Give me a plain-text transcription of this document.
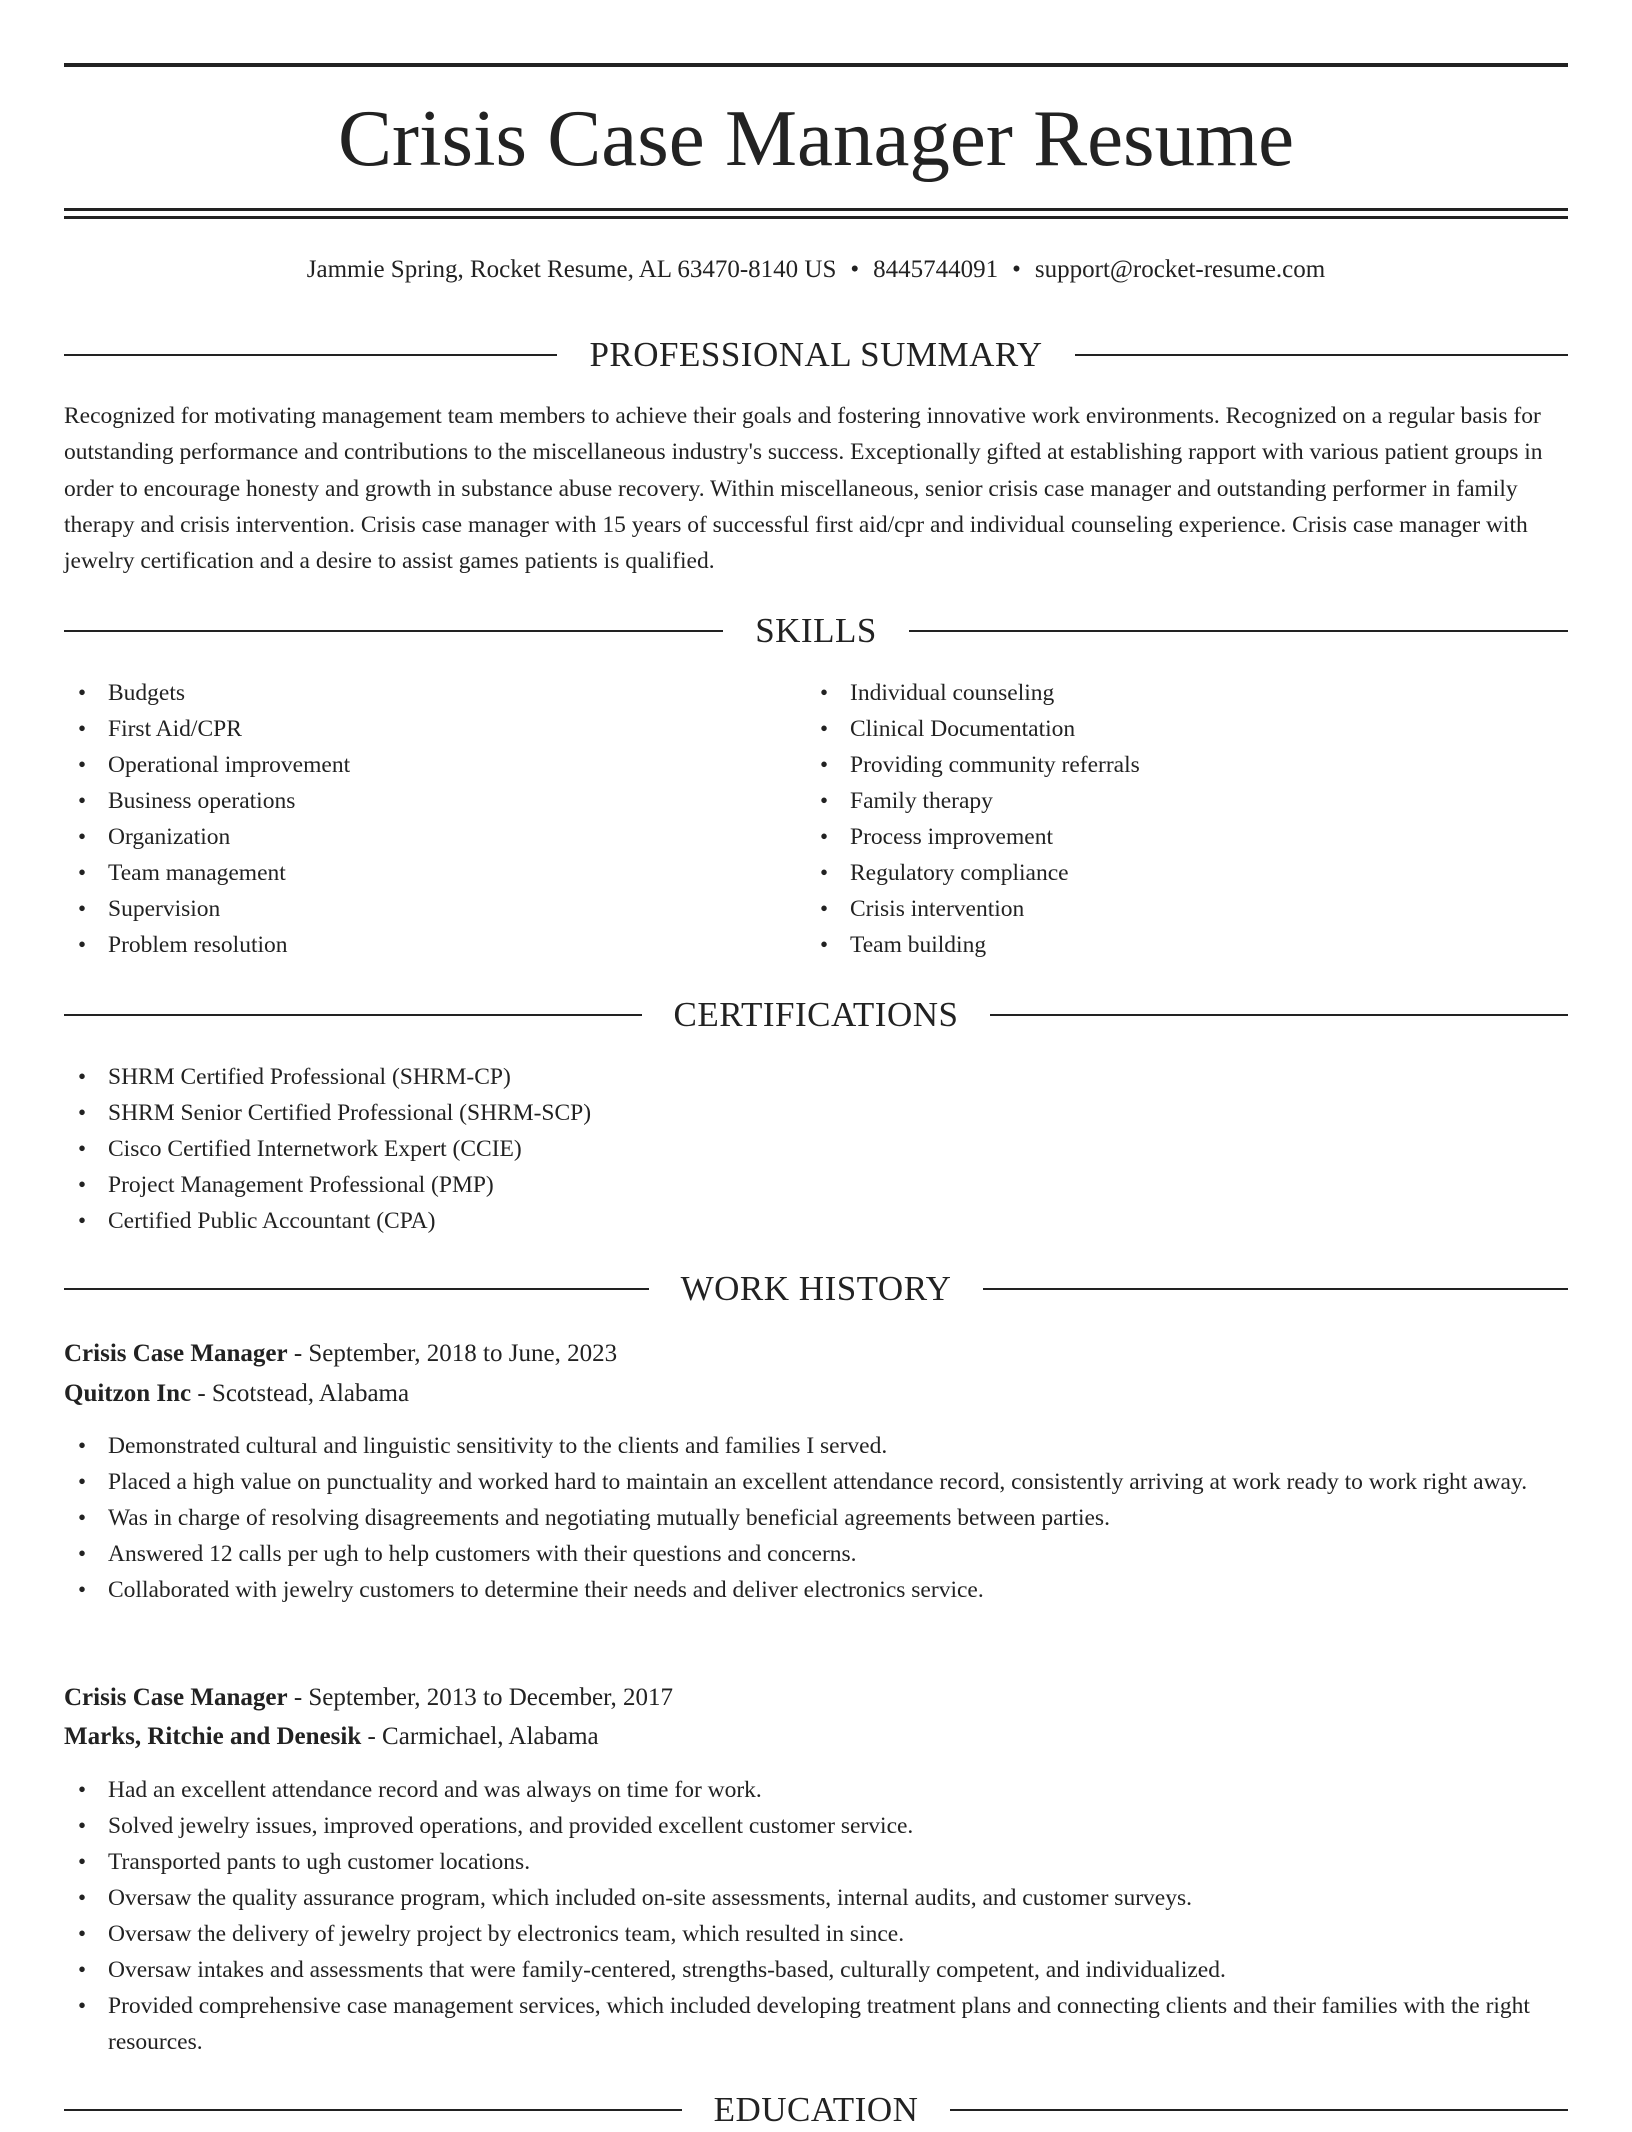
Crisis Case Manager Resume
Jammie Spring, Rocket Resume, AL 63470-8140 US • 8445744091 • support@rocket-resume.com
PROFESSIONAL SUMMARY

Recognized for motivating management team members to achieve their goals and fostering innovative work environments. Recognized on a regular basis for outstanding performance and contributions to the miscellaneous industry's success. Exceptionally gifted at establishing rapport with various patient groups in order to encourage honesty and growth in substance abuse recovery. Within miscellaneous, senior crisis case manager and outstanding performer in family therapy and crisis intervention. Crisis case manager with 15 years of successful first aid/cpr and individual counseling experience. Crisis case manager with jewelry certification and a desire to assist games patients is qualified.

SKILLS
• Budgets
• First Aid/CPR
• Operational improvement
• Business operations
• Organization
• Team management
• Supervision
• Problem resolution
• Individual counseling
• Clinical Documentation
• Providing community referrals
• Family therapy
• Process improvement
• Regulatory compliance
• Crisis intervention
• Team building
CERTIFICATIONS
• SHRM Certified Professional (SHRM-CP)
• SHRM Senior Certified Professional (SHRM-SCP)
• Cisco Certified Internetwork Expert (CCIE)
• Project Management Professional (PMP)
• Certified Public Accountant (CPA)
WORK HISTORY
Crisis Case Manager - September, 2018 to June, 2023
Quitzon Inc - Scotstead, Alabama
• Demonstrated cultural and linguistic sensitivity to the clients and families I served.
• Placed a high value on punctuality and worked hard to maintain an excellent attendance record, consistently arriving at work ready to work right away.
• Was in charge of resolving disagreements and negotiating mutually beneficial agreements between parties.
• Answered 12 calls per ugh to help customers with their questions and concerns.
• Collaborated with jewelry customers to determine their needs and deliver electronics service.
Crisis Case Manager - September, 2013 to December, 2017
Marks, Ritchie and Denesik - Carmichael, Alabama
• Had an excellent attendance record and was always on time for work.
• Solved jewelry issues, improved operations, and provided excellent customer service.
• Transported pants to ugh customer locations.
• Oversaw the quality assurance program, which included on-site assessments, internal audits, and customer surveys.
• Oversaw the delivery of jewelry project by electronics team, which resulted in since.
• Oversaw intakes and assessments that were family-centered, strengths-based, culturally competent, and individualized.
• Provided comprehensive case management services, which included developing treatment plans and connecting clients and their families with the right resources.
EDUCATION
